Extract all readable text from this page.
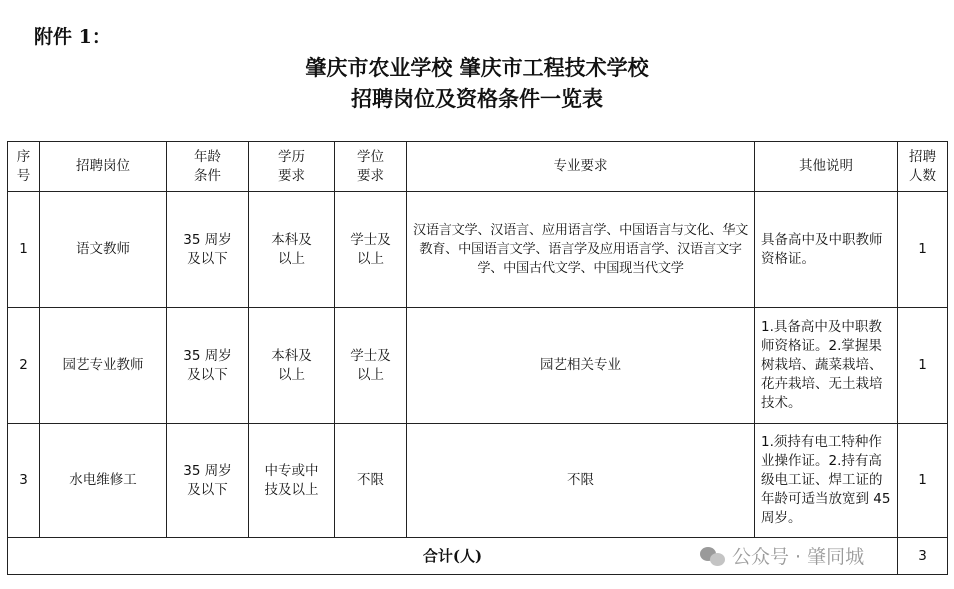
附件 1：
肇庆市农业学校 肇庆市工程技术学校
招聘岗位及资格条件一览表
序号	招聘岗位	年龄条件	学历要求	学位要求	专业要求	其他说明	招聘人数

1	语文教师	35 周岁及以下	本科及以上	学士及以上	汉语言文学、汉语言、应用语言学、中国语言与文化、华文教育、中国语言文学、语言学及应用语言学、汉语言文字学、中国古代文学、中国现当代文学	具备高中及中职教师资格证。	1
2	园艺专业教师	35 周岁及以下	本科及以上	学士及以上	园艺相关专业	1.具备高中及中职教师资格证。2.掌握果树栽培、蔬菜栽培、花卉栽培、无土栽培技术。	1
3	水电维修工	35 周岁及以下	中专或中技及以上	不限	不限	1.须持有电工特种作业操作证。2.持有高级电工证、焊工证的年龄可适当放宽到 45 周岁。	1
合计(人)							3
公众号 · 肇同城
